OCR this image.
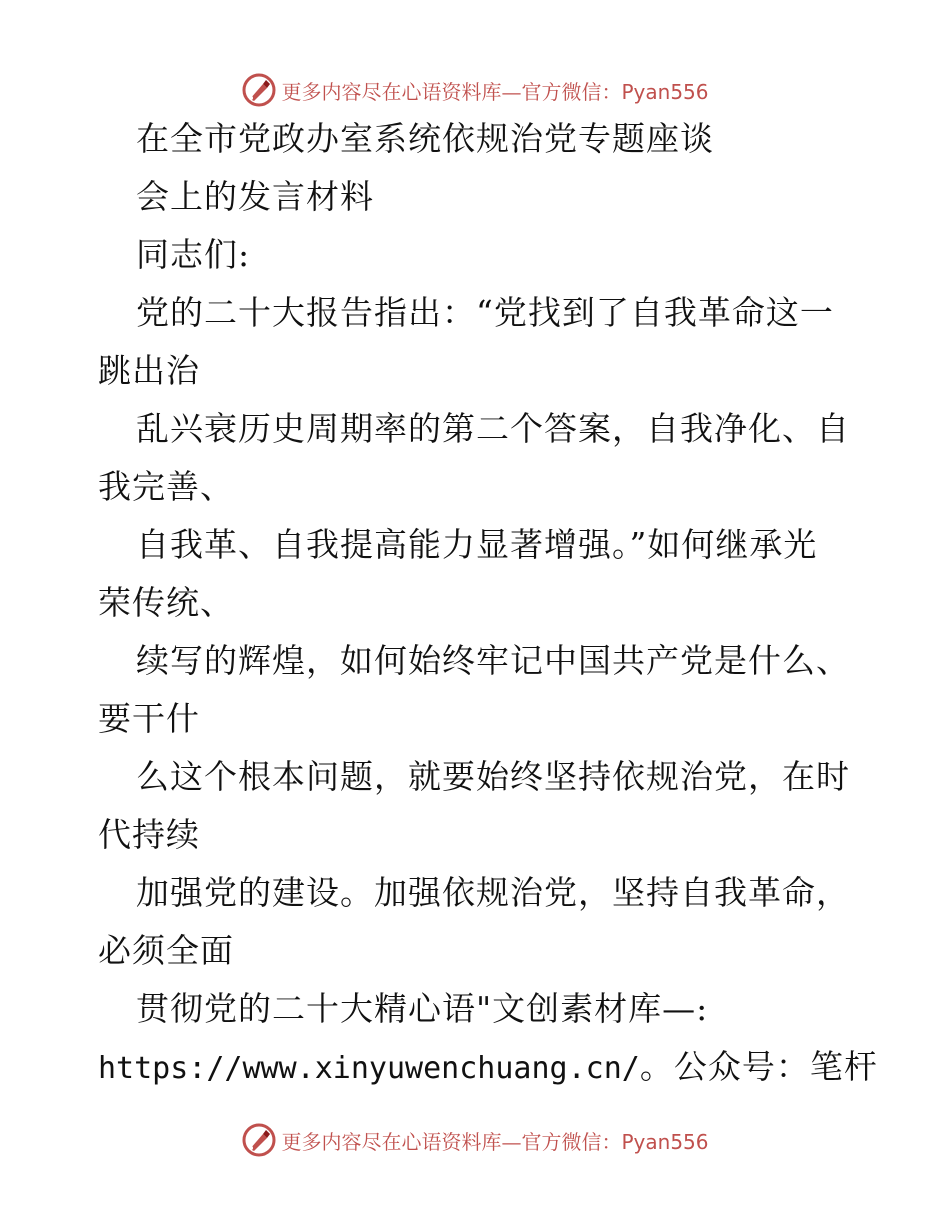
更多内容尽在心语资料库—官方微信：Pyan556
在全市党政办室系统依规治党专题座谈
会上的发言材料
同志们:
党的二十大报告指出：“党找到了自我革命这一
跳出治
乱兴衰历史周期率的第二个答案，自我净化、自
我完善、
自我革、自我提高能力显著增强。”如何继承光
荣传统、
续写的辉煌，如何始终牢记中国共产党是什么、
要干什
么这个根本问题，就要始终坚持依规治党，在时
代持续
加强党的建设。加强依规治党，坚持自我革命，
必须全面
贯彻党的二十大精心语"文创素材库—:
https://www.xinyuwenchuang.cn/。公众号：笔杆
更多内容尽在心语资料库—官方微信：Pyan556
